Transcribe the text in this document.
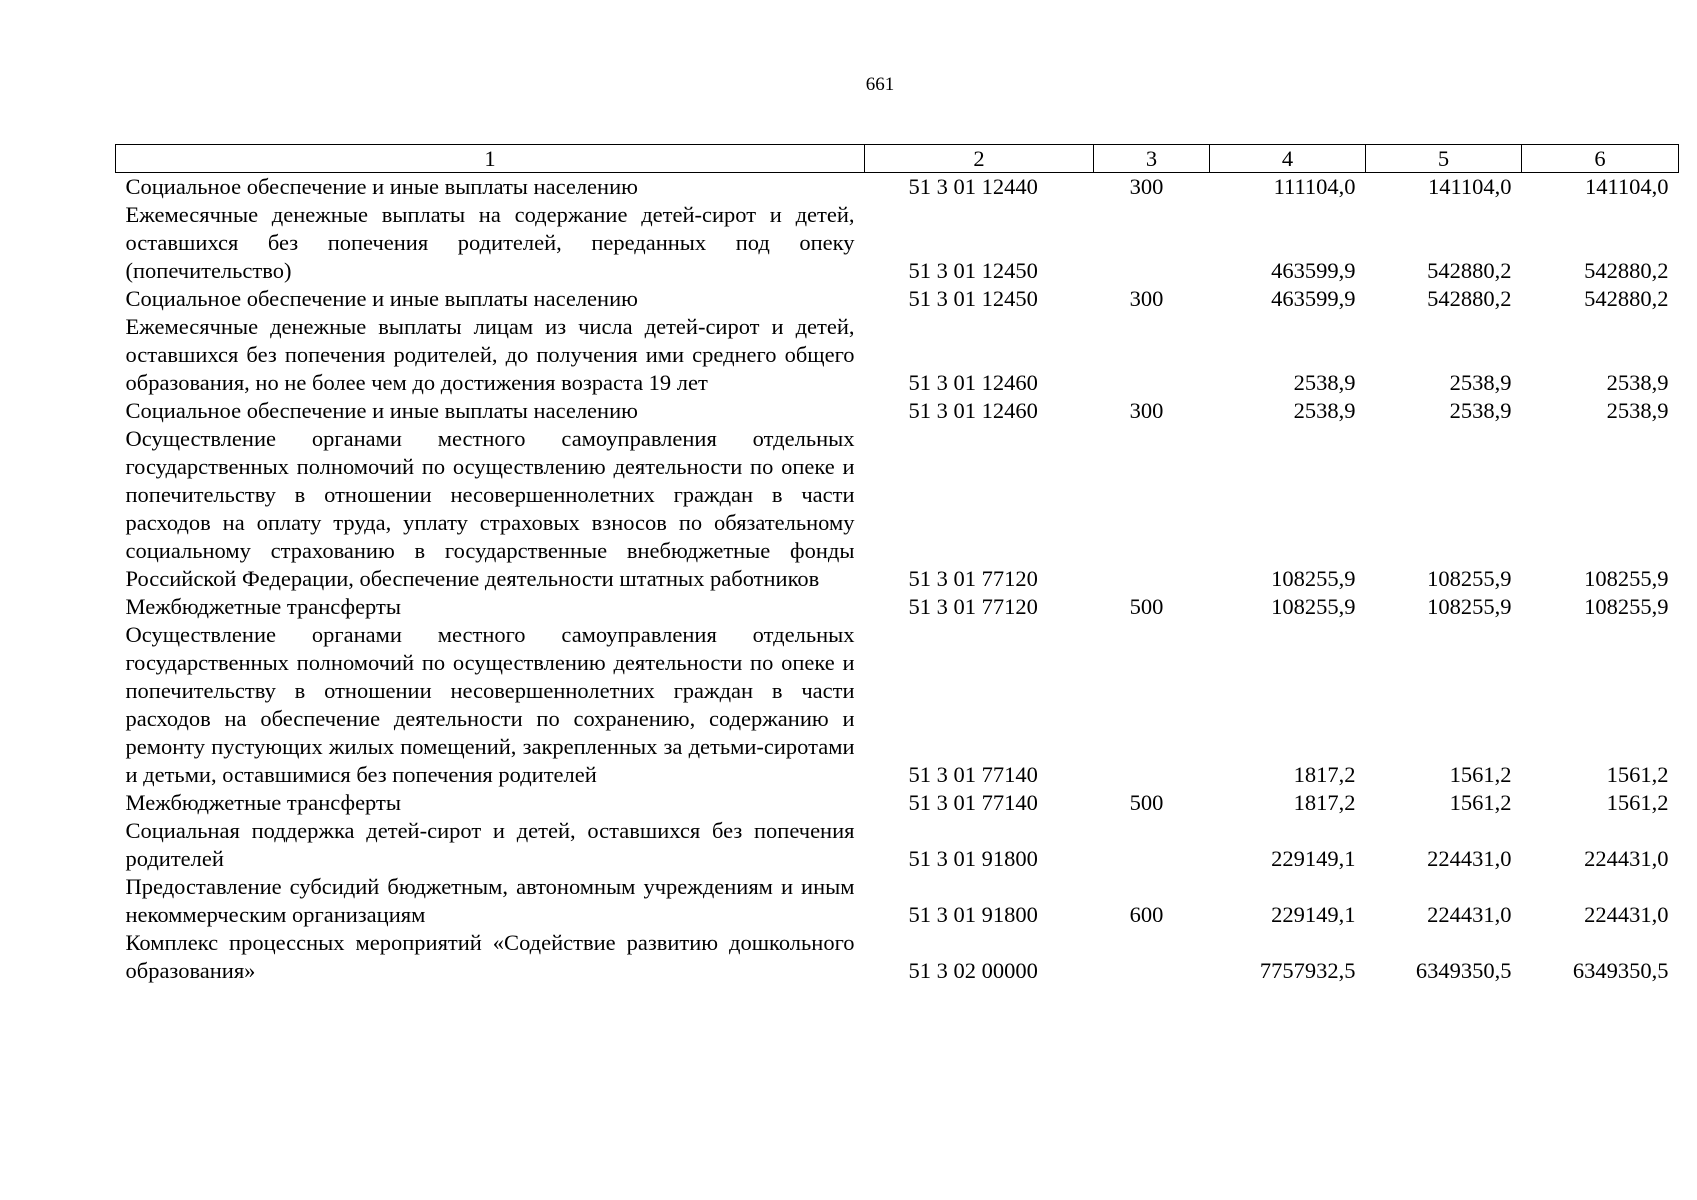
661
1	2	3	4	5	6
Социальное обеспечение и иные выплаты населению	51 3 01 12440	300	111104,0	141104,0	141104,0
Ежемесячные денежные выплаты на содержание детей-сирот и детей, оставшихся без попечения родителей, переданных под опеку (попечительство)	51 3 01 12450		463599,9	542880,2	542880,2
Социальное обеспечение и иные выплаты населению	51 3 01 12450	300	463599,9	542880,2	542880,2
Ежемесячные денежные выплаты лицам из числа детей-сирот и детей, оставшихся без попечения родителей, до получения ими среднего общего образования, но не более чем до достижения возраста 19 лет	51 3 01 12460		2538,9	2538,9	2538,9
Социальное обеспечение и иные выплаты населению	51 3 01 12460	300	2538,9	2538,9	2538,9
Осуществление органами местного самоуправления отдельных государственных полномочий по осуществлению деятельности по опеке и попечительству в отношении несовершеннолетних граждан в части расходов на оплату труда, уплату страховых взносов по обязательному социальному страхованию в государственные внебюджетные фонды Российской Федерации, обеспечение деятельности штатных работников	51 3 01 77120		108255,9	108255,9	108255,9
Межбюджетные трансферты	51 3 01 77120	500	108255,9	108255,9	108255,9
Осуществление органами местного самоуправления отдельных государственных полномочий по осуществлению деятельности по опеке и попечительству в отношении несовершеннолетних граждан в части расходов на обеспечение деятельности по сохранению, содержанию и ремонту пустующих жилых помещений, закрепленных за детьми-сиротами и детьми, оставшимися без попечения родителей	51 3 01 77140		1817,2	1561,2	1561,2
Межбюджетные трансферты	51 3 01 77140	500	1817,2	1561,2	1561,2
Социальная поддержка детей-сирот и детей, оставшихся без попечения родителей	51 3 01 91800		229149,1	224431,0	224431,0
Предоставление субсидий бюджетным, автономным учреждениям и иным некоммерческим организациям	51 3 01 91800	600	229149,1	224431,0	224431,0
Комплекс процессных мероприятий «Содействие развитию дошкольного образования»	51 3 02 00000		7757932,5	6349350,5	6349350,5
